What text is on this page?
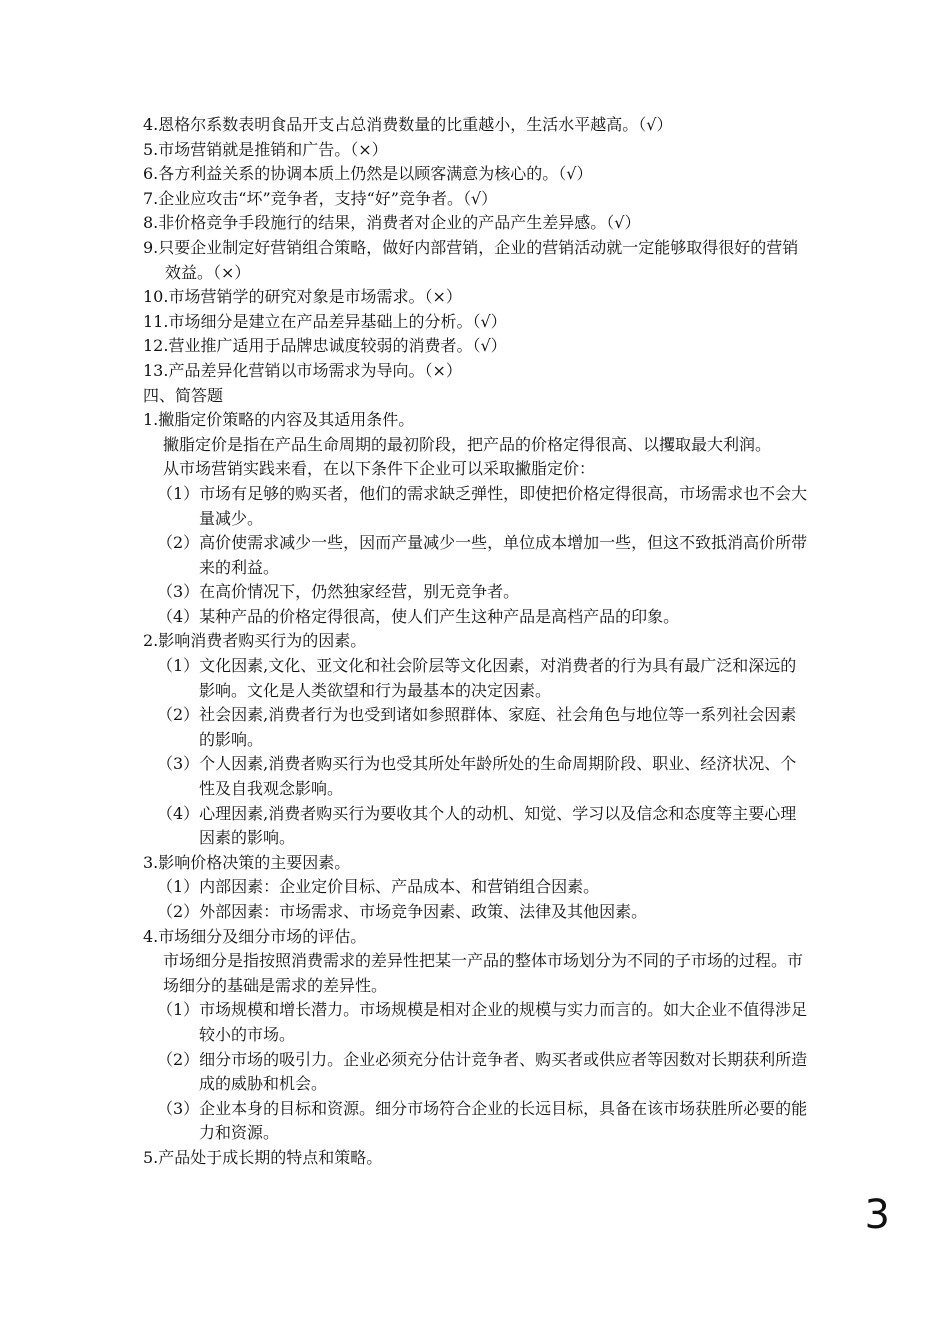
4.恩格尔系数表明食品开支占总消费数量的比重越小，生活水平越高。（√）
5.市场营销就是推销和广告。（×）
6.各方利益关系的协调本质上仍然是以顾客满意为核心的。（√）
7.企业应攻击“坏”竞争者，支持“好”竞争者。（√）
8.非价格竞争手段施行的结果，消费者对企业的产品产生差异感。（√）
9.只要企业制定好营销组合策略，做好内部营销，企业的营销活动就一定能够取得很好的营销效益。（×）
10.市场营销学的研究对象是市场需求。（×）
11.市场细分是建立在产品差异基础上的分析。（√）
12.营业推广适用于品牌忠诚度较弱的消费者。（√）
13.产品差异化营销以市场需求为导向。（×）
四、简答题
1.撇脂定价策略的内容及其适用条件。
撇脂定价是指在产品生命周期的最初阶段，把产品的价格定得很高、以攫取最大利润。
从市场营销实践来看，在以下条件下企业可以采取撇脂定价：
（1）市场有足够的购买者，他们的需求缺乏弹性，即使把价格定得很高，市场需求也不会大量减少。
（2）高价使需求减少一些，因而产量减少一些，单位成本增加一些，但这不致抵消高价所带来的利益。
（3）在高价情况下，仍然独家经营，别无竞争者。
（4）某种产品的价格定得很高，使人们产生这种产品是高档产品的印象。
2.影响消费者购买行为的因素。
（1）文化因素,文化、亚文化和社会阶层等文化因素，对消费者的行为具有最广泛和深远的影响。文化是人类欲望和行为最基本的决定因素。
（2）社会因素,消费者行为也受到诸如参照群体、家庭、社会角色与地位等一系列社会因素的影响。
（3）个人因素,消费者购买行为也受其所处年龄所处的生命周期阶段、职业、经济状况、个性及自我观念影响。
（4）心理因素,消费者购买行为要收其个人的动机、知觉、学习以及信念和态度等主要心理因素的影响。
3.影响价格决策的主要因素。
（1）内部因素：企业定价目标、产品成本、和营销组合因素。
（2）外部因素：市场需求、市场竞争因素、政策、法律及其他因素。
4.市场细分及细分市场的评估。
市场细分是指按照消费需求的差异性把某一产品的整体市场划分为不同的子市场的过程。市场细分的基础是需求的差异性。
（1）市场规模和增长潜力。市场规模是相对企业的规模与实力而言的。如大企业不值得涉足较小的市场。
（2）细分市场的吸引力。企业必须充分估计竞争者、购买者或供应者等因数对长期获利所造成的威胁和机会。
（3）企业本身的目标和资源。细分市场符合企业的长远目标，具备在该市场获胜所必要的能力和资源。
5.产品处于成长期的特点和策略。
3
